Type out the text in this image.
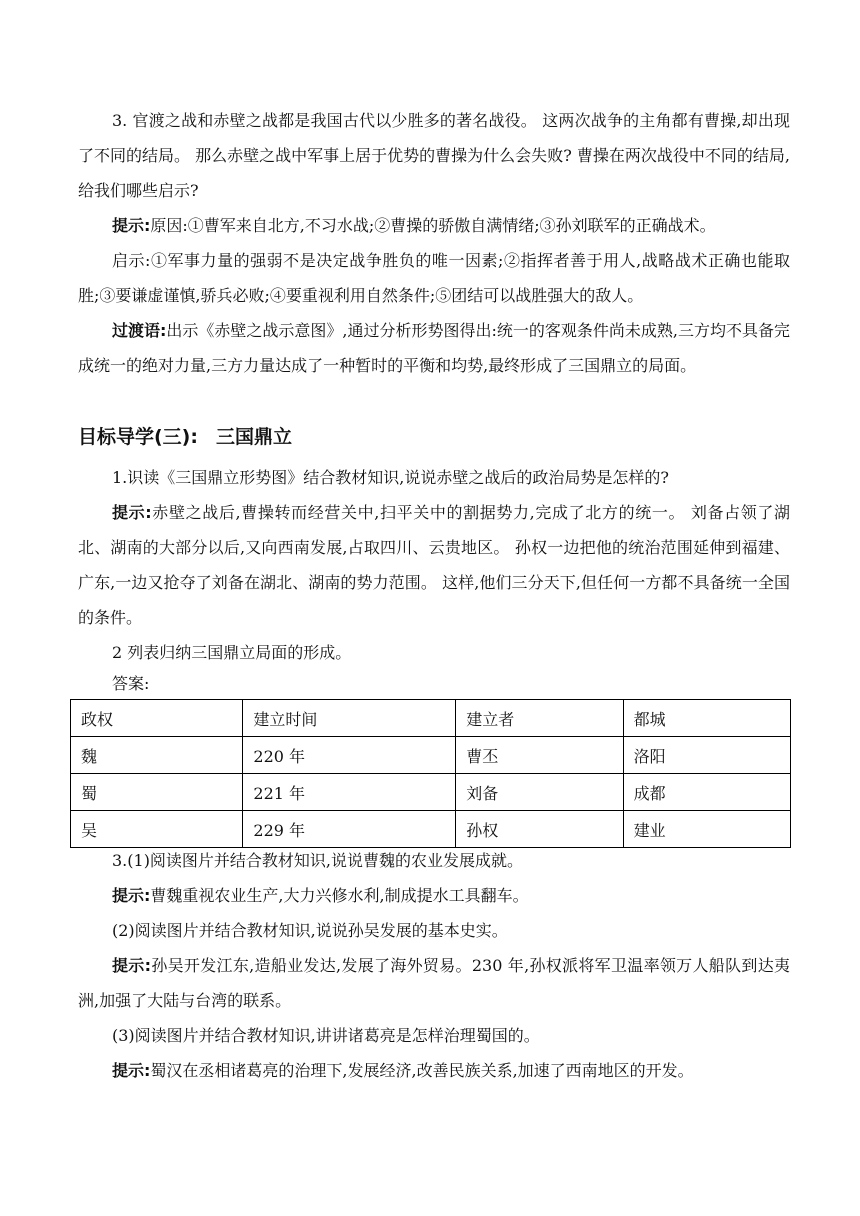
3. 官渡之战和赤壁之战都是我国古代以少胜多的著名战役。 这两次战争的主角都有曹操,却出现了不同的结局。 那么赤壁之战中军事上居于优势的曹操为什么会失败? 曹操在两次战役中不同的结局,给我们哪些启示?

提示:原因:①曹军来自北方,不习水战;②曹操的骄傲自满情绪;③孙刘联军的正确战术。

启示:①军事力量的强弱不是决定战争胜负的唯一因素;②指挥者善于用人,战略战术正确也能取胜;③要谦虚谨慎,骄兵必败;④要重视利用自然条件;⑤团结可以战胜强大的敌人。

过渡语:出示《赤壁之战示意图》,通过分析形势图得出:统一的客观条件尚未成熟,三方均不具备完成统一的绝对力量,三方力量达成了一种暂时的平衡和均势,最终形成了三国鼎立的局面。

目标导学(三): 三国鼎立

1.识读《三国鼎立形势图》结合教材知识,说说赤壁之战后的政治局势是怎样的?

提示:赤壁之战后,曹操转而经营关中,扫平关中的割据势力,完成了北方的统一。 刘备占领了湖北、湖南的大部分以后,又向西南发展,占取四川、云贵地区。 孙权一边把他的统治范围延伸到福建、广东,一边又抢夺了刘备在湖北、湖南的势力范围。 这样,他们三分天下,但任何一方都不具备统一全国的条件。

2 列表归纳三国鼎立局面的形成。

答案:

政权	建立时间	建立者	都城
魏	220 年	曹丕	洛阳
蜀	221 年	刘备	成都
吴	229 年	孙权	建业

3.(1)阅读图片并结合教材知识,说说曹魏的农业发展成就。

提示:曹魏重视农业生产,大力兴修水利,制成提水工具翻车。

(2)阅读图片并结合教材知识,说说孙吴发展的基本史实。

提示:孙吴开发江东,造船业发达,发展了海外贸易。230 年,孙权派将军卫温率领万人船队到达夷洲,加强了大陆与台湾的联系。

(3)阅读图片并结合教材知识,讲讲诸葛亮是怎样治理蜀国的。

提示:蜀汉在丞相诸葛亮的治理下,发展经济,改善民族关系,加速了西南地区的开发。
